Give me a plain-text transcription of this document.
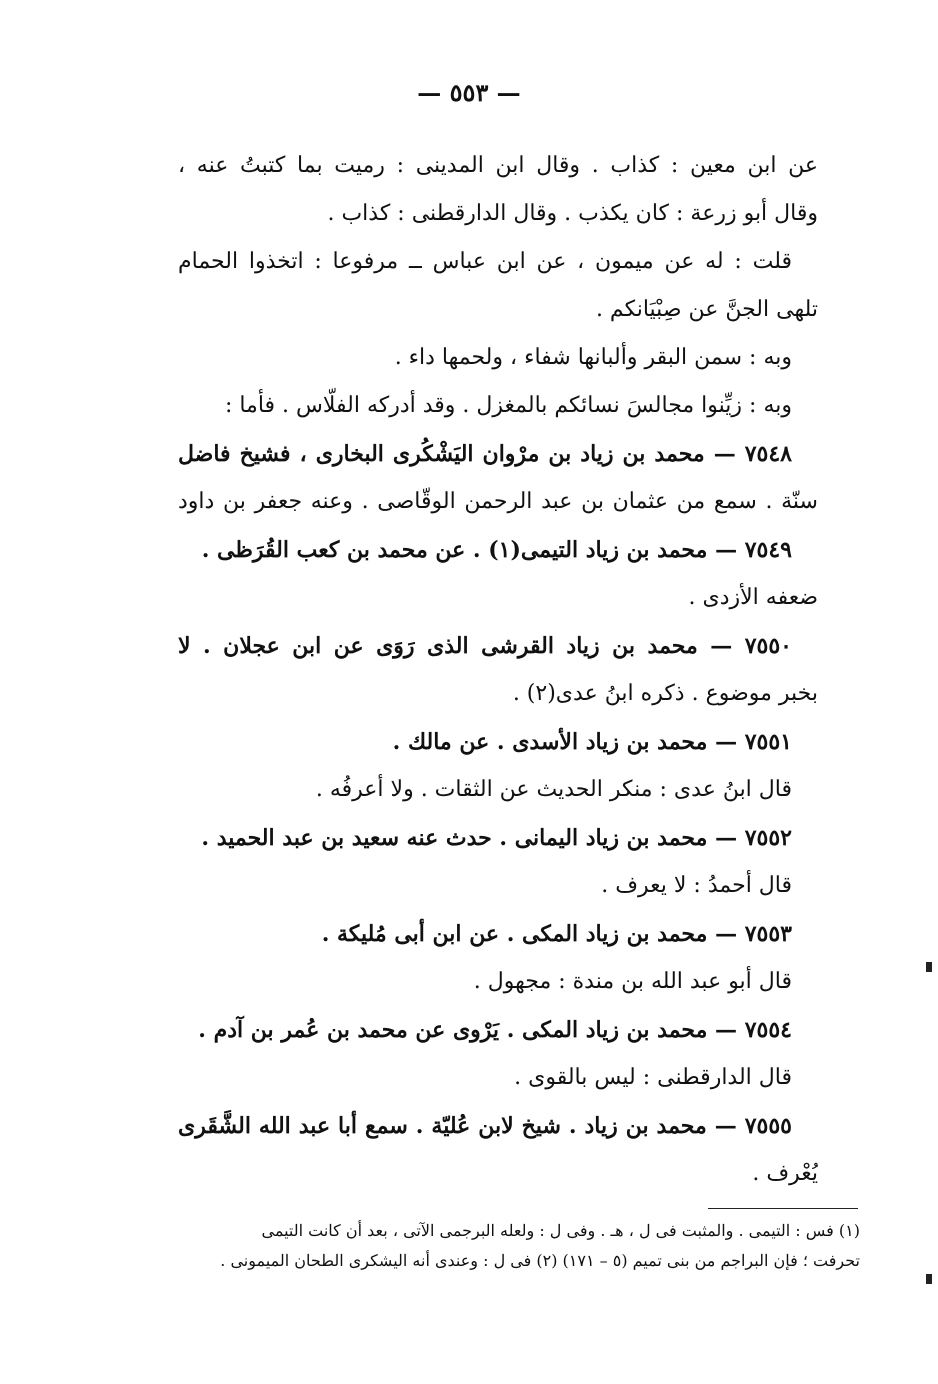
— ٥٥٣ —
عن ابن معين : كذاب . وقال ابن المدينى : رميت بما كتبتُ عنه ،
وقال أبو زرعة : كان يكذب . وقال الدارقطنى : كذاب .
قلت : له عن ميمون ، عن ابن عباس ــ مرفوعا : اتخذوا الحمام
تلهى الجنَّ عن صِبْيَانكم .
وبه : سمن البقر وألبانها شفاء ، ولحمها داء .
وبه : زيِّنوا مجالسَ نسائكم بالمغزل . وقد أدركه الفلّاس . فأما :
٧٥٤٨ — محمد بن زياد بن مرْوان اليَشْكُرى البخارى ، فشيخ فاضل
سنّة . سمع من عثمان بن عبد الرحمن الوقّاصى . وعنه جعفر بن داود
٧٥٤٩ — محمد بن زياد التيمى(١) . عن محمد بن كعب القُرَظى .
ضعفه الأزدى .
٧٥٥٠ — محمد بن زياد القرشى الذى رَوَى عن ابن عجلان . لا
بخبر موضوع . ذكره ابنُ عدى(٢) .
٧٥٥١ — محمد بن زياد الأسدى . عن مالك .
قال ابنُ عدى : منكر الحديث عن الثقات . ولا أعرفُه .
٧٥٥٢ — محمد بن زياد اليمانى . حدث عنه سعيد بن عبد الحميد .
قال أحمدُ : لا يعرف .
٧٥٥٣ — محمد بن زياد المكى . عن ابن أبى مُليكة .
قال أبو عبد الله بن مندة : مجهول .
٧٥٥٤ — محمد بن زياد المكى . يَرْوى عن محمد بن عُمر بن آدم .
قال الدارقطنى : ليس بالقوى .
٧٥٥٥ — محمد بن زياد . شيخ لابن عُليّة . سمع أبا عبد الله الشَّقَرى
يُعْرف .
(١) فس : التيمى . والمثبت فى ل ، هـ . وفى ل : ولعله البرجمى الآتى ، بعد أن كانت التيمى
تحرفت ؛ فإن البراجم من بنى تميم (٥ – ١٧١) (٢) فى ل : وعندى أنه اليشكرى الطحان الميمونى .
